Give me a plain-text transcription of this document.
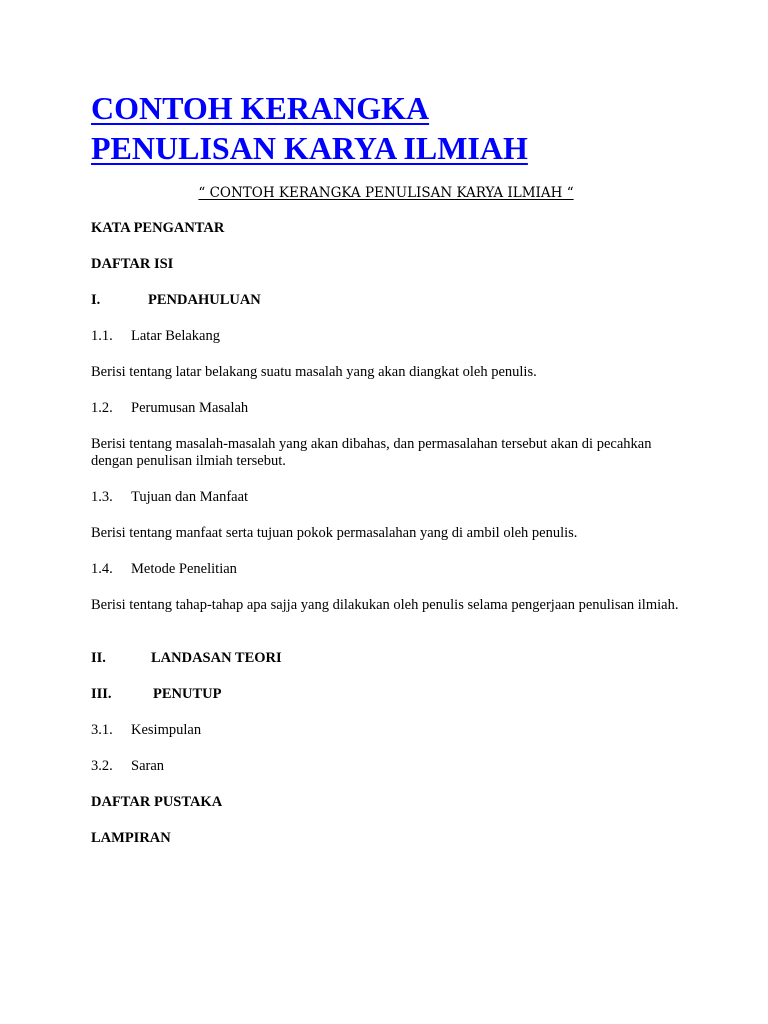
CONTOH KERANGKA PENULISAN KARYA ILMIAH

“ CONTOH KERANGKA PENULISAN KARYA ILMIAH “

KATA PENGANTAR

DAFTAR ISI

I.	PENDAHULUAN

1.1. Latar Belakang

Berisi tentang latar belakang suatu masalah yang akan diangkat oleh penulis.

1.2. Perumusan Masalah

Berisi tentang masalah-masalah yang akan dibahas, dan permasalahan tersebut akan di pecahkan dengan penulisan ilmiah tersebut.

1.3. Tujuan dan Manfaat

Berisi tentang manfaat serta tujuan pokok permasalahan yang di ambil oleh penulis.

1.4. Metode Penelitian

Berisi tentang tahap-tahap apa sajja yang dilakukan oleh penulis selama pengerjaan penulisan ilmiah.

II.	LANDASAN TEORI

III.	PENUTUP

3.1. Kesimpulan

3.2. Saran

DAFTAR PUSTAKA

LAMPIRAN
